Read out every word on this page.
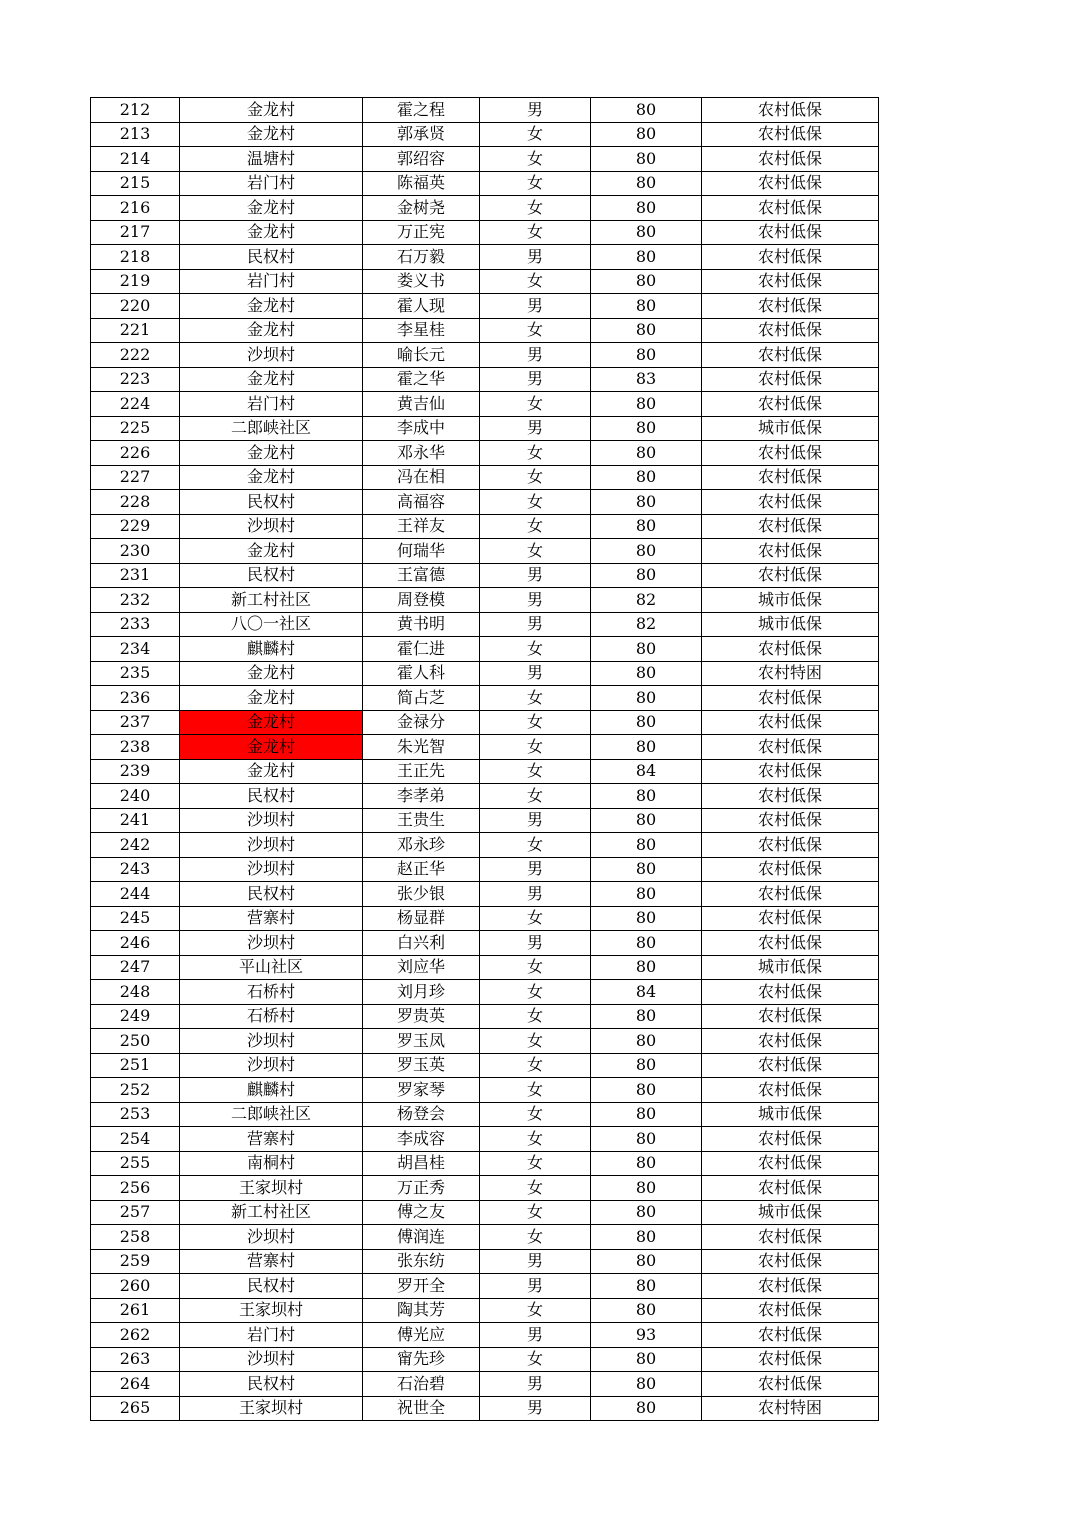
212	金龙村	霍之程	男	80	农村低保
213	金龙村	郭承贤	女	80	农村低保
214	温塘村	郭绍容	女	80	农村低保
215	岩门村	陈福英	女	80	农村低保
216	金龙村	金树尧	女	80	农村低保
217	金龙村	万正宪	女	80	农村低保
218	民权村	石万毅	男	80	农村低保
219	岩门村	娄义书	女	80	农村低保
220	金龙村	霍人现	男	80	农村低保
221	金龙村	李星桂	女	80	农村低保
222	沙坝村	喻长元	男	80	农村低保
223	金龙村	霍之华	男	83	农村低保
224	岩门村	黄吉仙	女	80	农村低保
225	二郎峡社区	李成中	男	80	城市低保
226	金龙村	邓永华	女	80	农村低保
227	金龙村	冯在相	女	80	农村低保
228	民权村	高福容	女	80	农村低保
229	沙坝村	王祥友	女	80	农村低保
230	金龙村	何瑞华	女	80	农村低保
231	民权村	王富德	男	80	农村低保
232	新工村社区	周登模	男	82	城市低保
233	八〇一社区	黄书明	男	82	城市低保
234	麒麟村	霍仁进	女	80	农村低保
235	金龙村	霍人科	男	80	农村特困
236	金龙村	简占芝	女	80	农村低保
237	金龙村	金禄分	女	80	农村低保
238	金龙村	朱光智	女	80	农村低保
239	金龙村	王正先	女	84	农村低保
240	民权村	李孝弟	女	80	农村低保
241	沙坝村	王贵生	男	80	农村低保
242	沙坝村	邓永珍	女	80	农村低保
243	沙坝村	赵正华	男	80	农村低保
244	民权村	张少银	男	80	农村低保
245	营寨村	杨显群	女	80	农村低保
246	沙坝村	白兴利	男	80	农村低保
247	平山社区	刘应华	女	80	城市低保
248	石桥村	刘月珍	女	84	农村低保
249	石桥村	罗贵英	女	80	农村低保
250	沙坝村	罗玉凤	女	80	农村低保
251	沙坝村	罗玉英	女	80	农村低保
252	麒麟村	罗家琴	女	80	农村低保
253	二郎峡社区	杨登会	女	80	城市低保
254	营寨村	李成容	女	80	农村低保
255	南桐村	胡昌桂	女	80	农村低保
256	王家坝村	万正秀	女	80	农村低保
257	新工村社区	傅之友	女	80	城市低保
258	沙坝村	傅润连	女	80	农村低保
259	营寨村	张东纺	男	80	农村低保
260	民权村	罗开全	男	80	农村低保
261	王家坝村	陶其芳	女	80	农村低保
262	岩门村	傅光应	男	93	农村低保
263	沙坝村	甯先珍	女	80	农村低保
264	民权村	石治碧	男	80	农村低保
265	王家坝村	祝世全	男	80	农村特困
